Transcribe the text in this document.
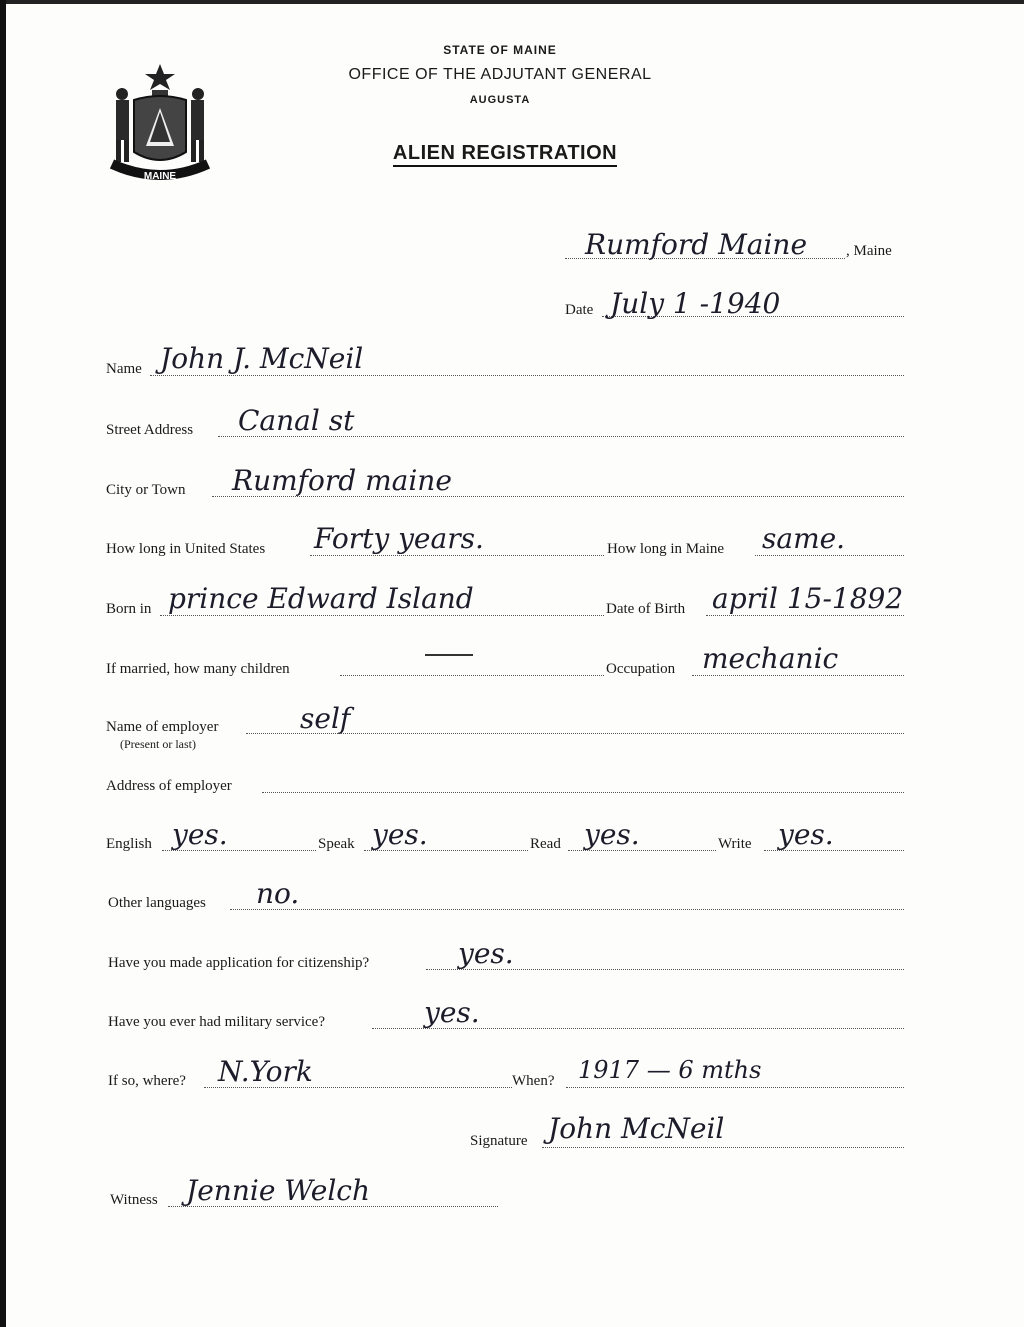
MAINE
STATE OF MAINE
OFFICE OF THE ADJUTANT GENERAL
AUGUSTA
ALIEN REGISTRATION
Rumford Maine	, Maine
Date July 1 -1940
Name John J. McNeil
Street Address Canal st
City or Town Rumford maine
How long in United States Forty years.	How long in Maine same.
Born in prince Edward Island	Date of Birth april 15-1892
If married, how many children	Occupation mechanic
Name of employer
(Present or last)
self
Address of employer
English yes.	Speak yes.	Read yes.	Write yes.
Other languages no.
Have you made application for citizenship?	yes.
Have you ever had military service?	yes.
If so, where? N.York	When? 1917 — 6 mths
Signature John McNeil
Witness Jennie Welch
